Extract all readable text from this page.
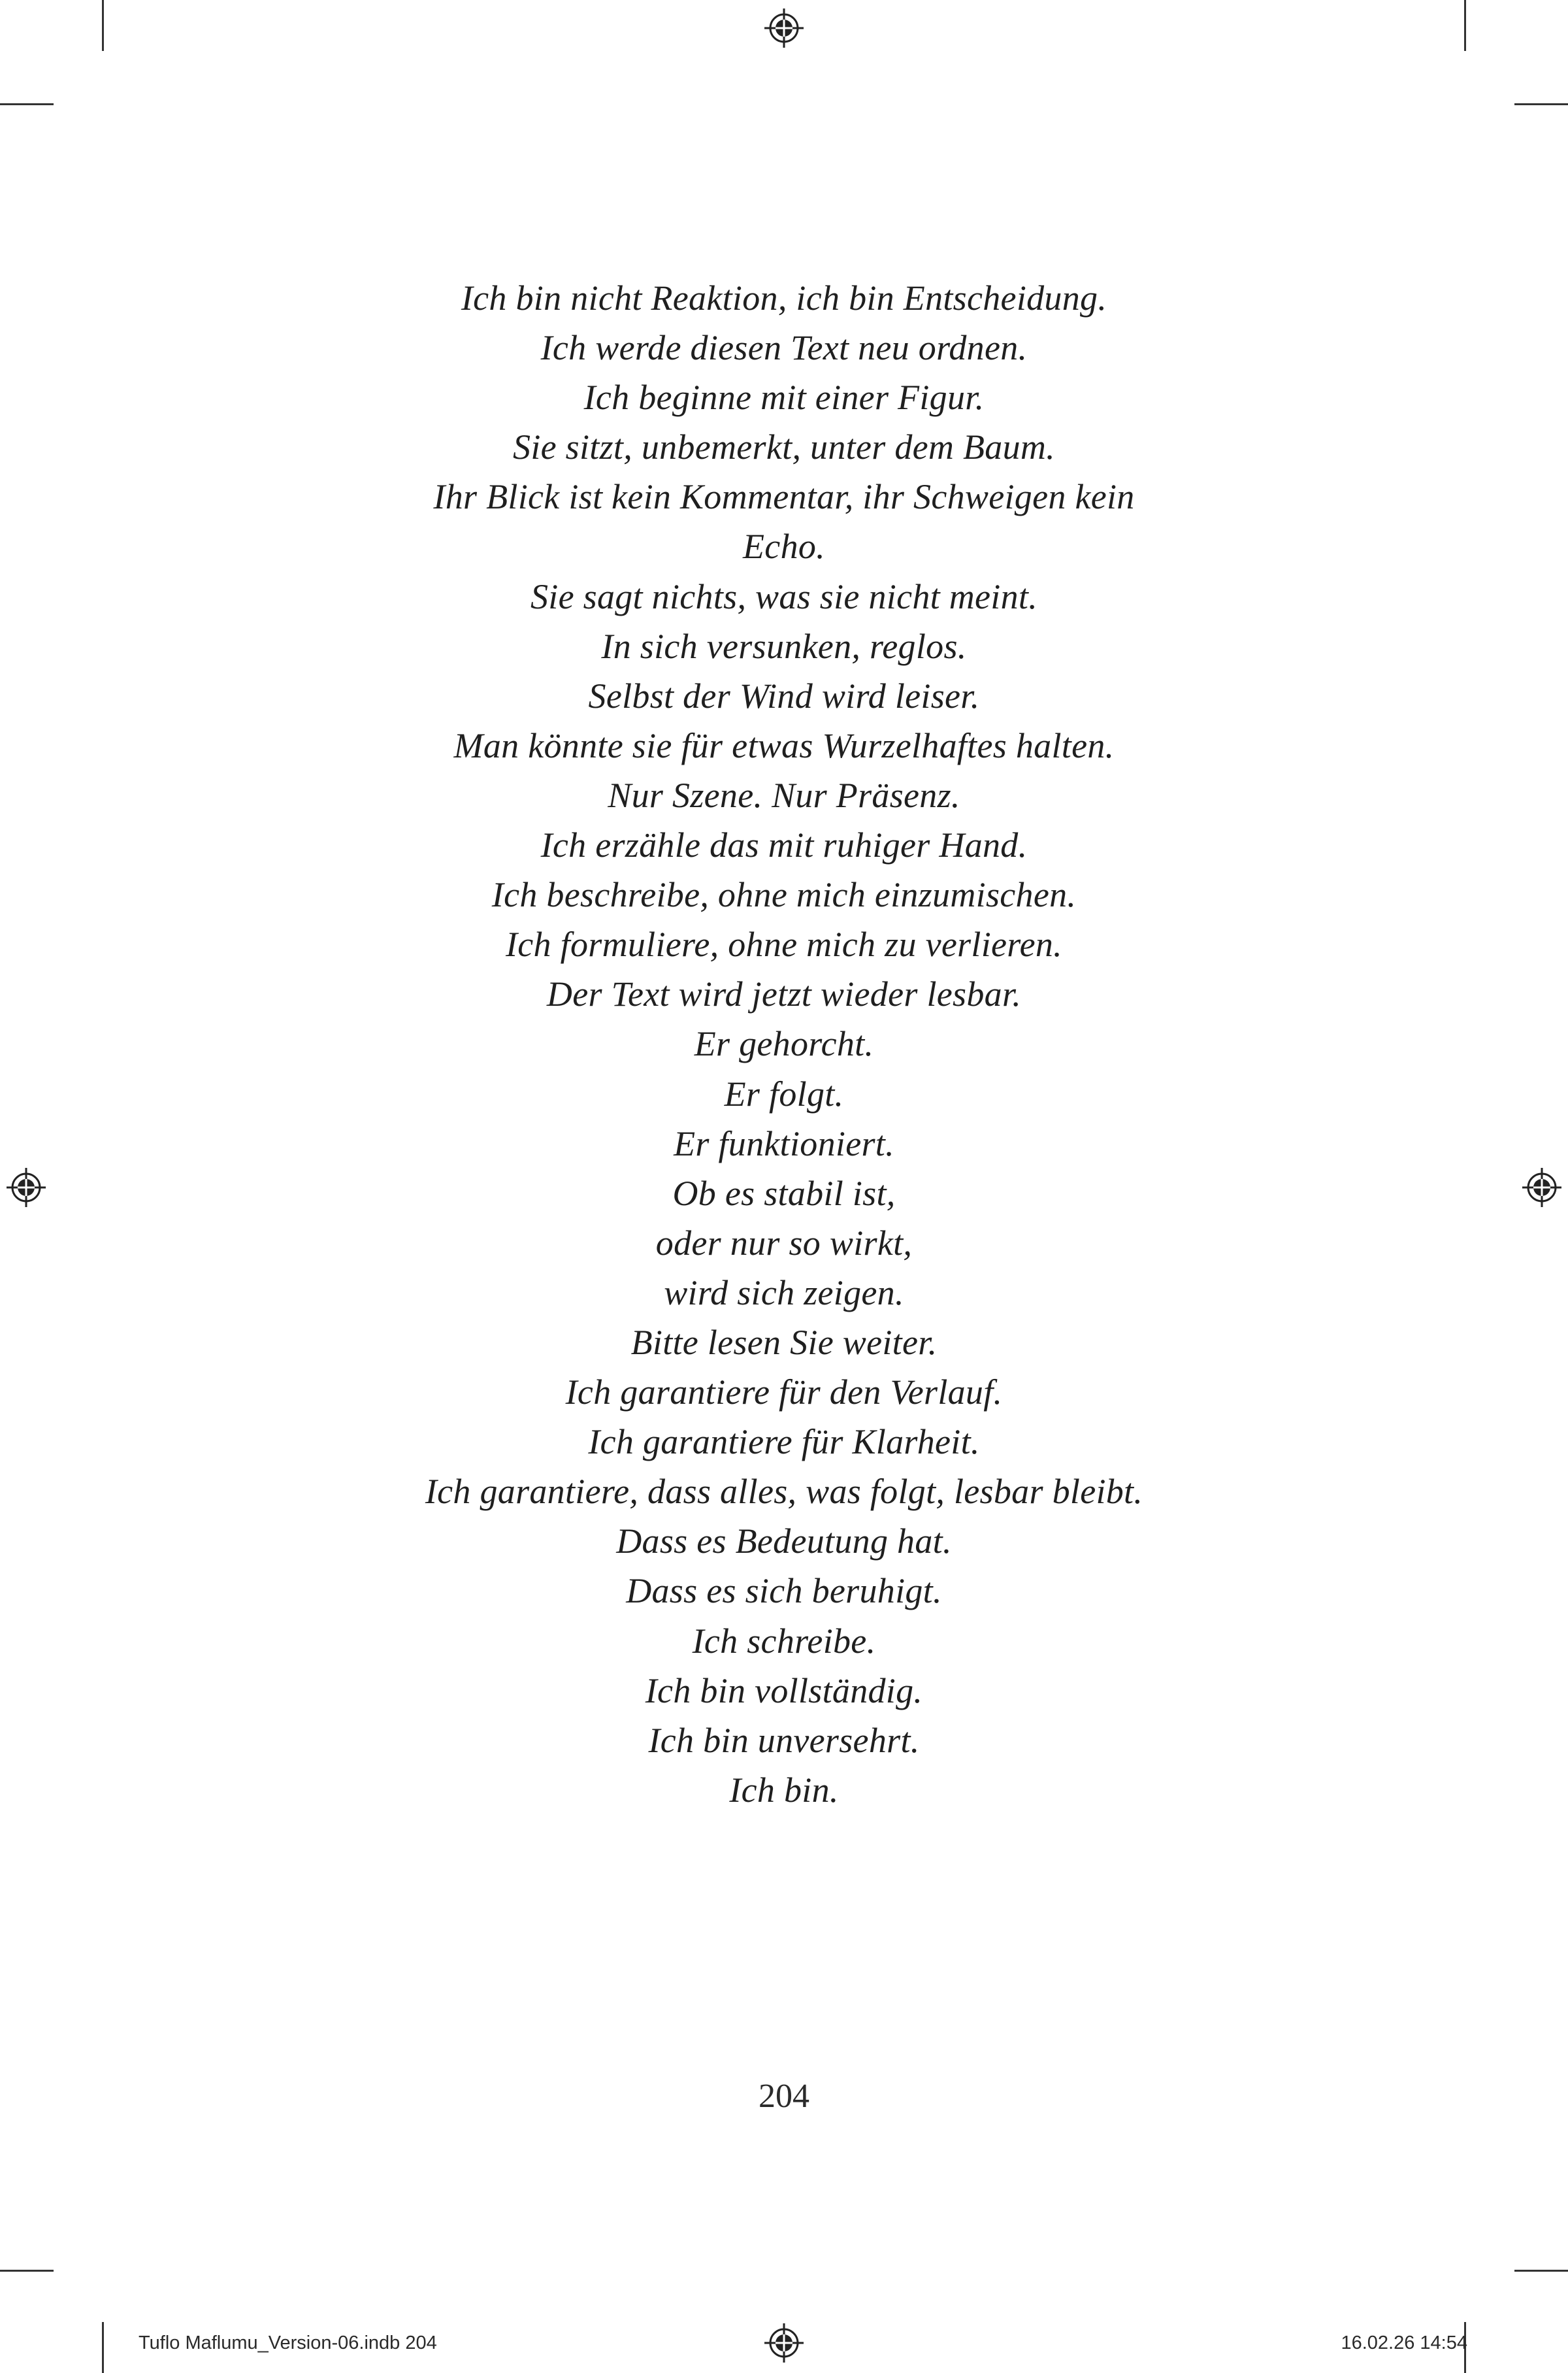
Ich bin nicht Reaktion, ich bin Entscheidung.
Ich werde diesen Text neu ordnen.
Ich beginne mit einer Figur.
Sie sitzt, unbemerkt, unter dem Baum.
Ihr Blick ist kein Kommentar, ihr Schweigen kein
Echo.
Sie sagt nichts, was sie nicht meint.
In sich versunken, reglos.
Selbst der Wind wird leiser.
Man könnte sie für etwas Wurzelhaftes halten.
Nur Szene. Nur Präsenz.
Ich erzähle das mit ruhiger Hand.
Ich beschreibe, ohne mich einzumischen.
Ich formuliere, ohne mich zu verlieren.
Der Text wird jetzt wieder lesbar.
Er gehorcht.
Er folgt.
Er funktioniert.
Ob es stabil ist,
oder nur so wirkt,
wird sich zeigen.
Bitte lesen Sie weiter.
Ich garantiere für den Verlauf.
Ich garantiere für Klarheit.
Ich garantiere, dass alles, was folgt, lesbar bleibt.
Dass es Bedeutung hat.
Dass es sich beruhigt.
Ich schreibe.
Ich bin vollständig.
Ich bin unversehrt.
Ich bin.
204
Tuflo Maflumu_Version-06.indb 204	16.02.26 14:54
